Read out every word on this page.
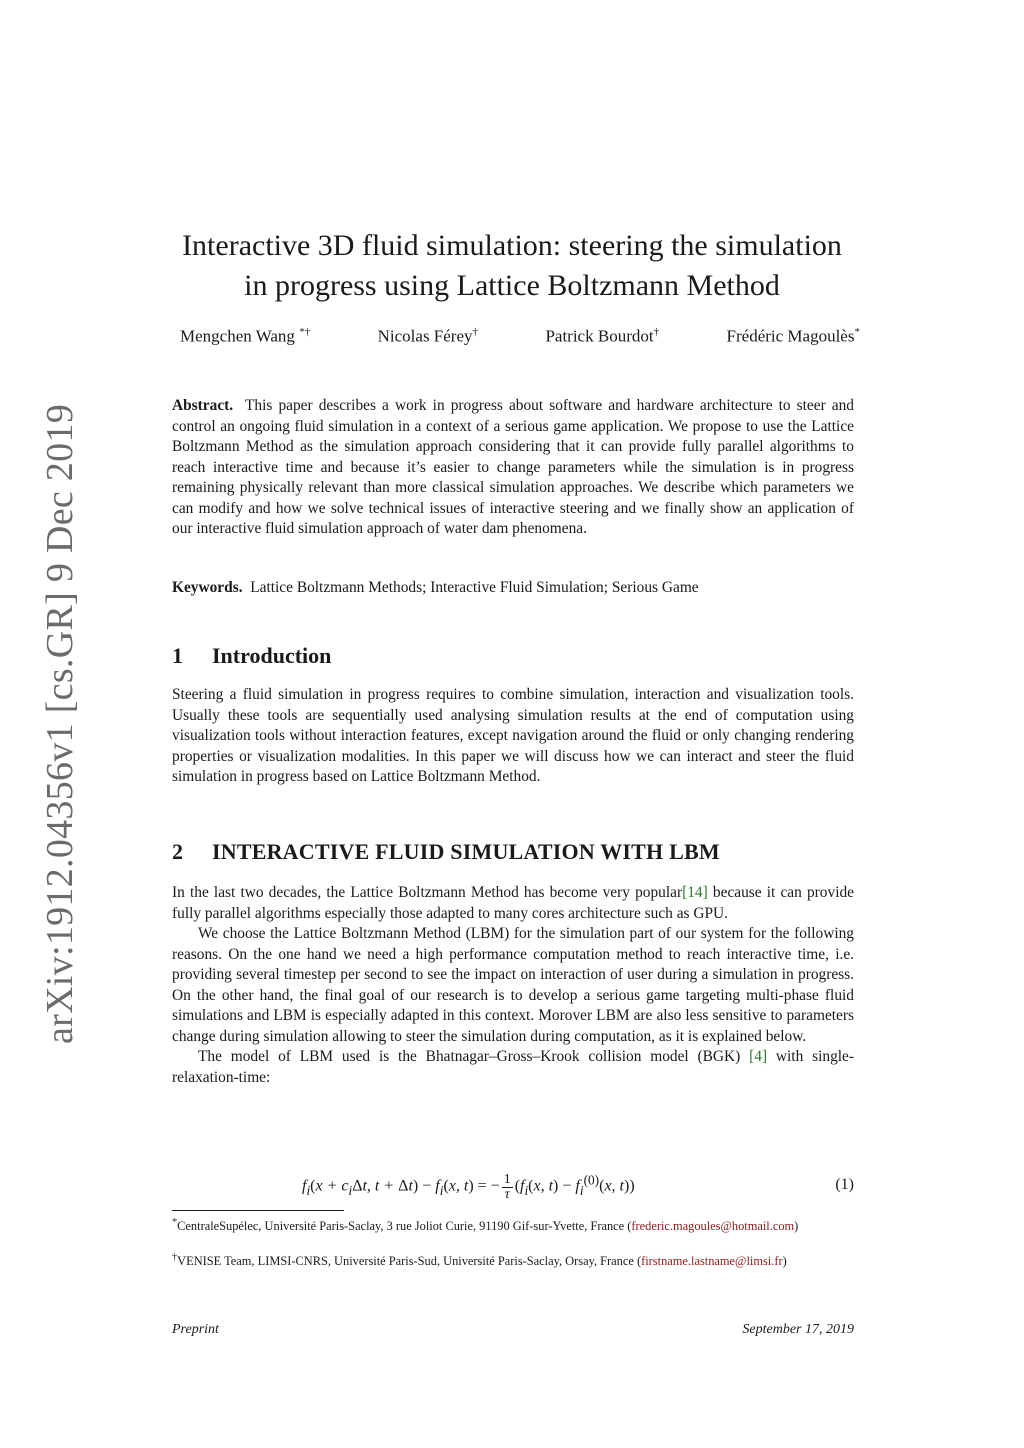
arXiv:1912.04356v1 [cs.GR] 9 Dec 2019
Interactive 3D fluid simulation: steering the simulation
in progress using Lattice Boltzmann Method
Mengchen Wang *†	Nicolas Férey†	Patrick Bourdot†	Frédéric Magoulès*

Abstract. This paper describes a work in progress about software and hardware architecture to steer and control an ongoing fluid simulation in a context of a serious game application. We propose to use the Lattice Boltzmann Method as the simulation approach considering that it can provide fully parallel algorithms to reach interactive time and because it’s easier to change parameters while the simulation is in progress remaining physically relevant than more classical simulation approaches. We describe which parameters we can modify and how we solve technical issues of interactive steering and we finally show an application of our interactive fluid simulation approach of water dam phenomena.

Keywords. Lattice Boltzmann Methods; Interactive Fluid Simulation; Serious Game

1 Introduction

Steering a fluid simulation in progress requires to combine simulation, interaction and visualization tools. Usually these tools are sequentially used analysing simulation results at the end of computation using visualization tools without interaction features, except navigation around the fluid or only changing rendering properties or visualization modalities. In this paper we will discuss how we can interact and steer the fluid simulation in progress based on Lattice Boltzmann Method.

2 INTERACTIVE FLUID SIMULATION WITH LBM

In the last two decades, the Lattice Boltzmann Method has become very popular[14] because it can provide fully parallel algorithms especially those adapted to many cores architecture such as GPU.

We choose the Lattice Boltzmann Method (LBM) for the simulation part of our system for the following reasons. On the one hand we need a high performance computation method to reach interactive time, i.e. providing several timestep per second to see the impact on interaction of user during a simulation in progress. On the other hand, the final goal of our research is to develop a serious game targeting multi-phase fluid simulations and LBM is especially adapted in this context. Morover LBM are also less sensitive to parameters change during simulation allowing to steer the simulation during computation, as it is explained below.

The model of LBM used is the Bhatnagar–Gross–Krook collision model (BGK) [4] with single-relaxation-time:

$f_i(x + c_i\Delta t$, $t + \Delta t) - f_i(x$, t) = − $\frac{1}{\tau} (f_i(x$, $t) - f_i^{(0)}(x$, t))	(1)

*CentraleSupélec, Université Paris-Saclay, 3 rue Joliot Curie, 91190 Gif-sur-Yvette, France (frederic.magoules@hotmail.com)

†VENISE Team, LIMSI-CNRS, Université Paris-Sud, Université Paris-Saclay, Orsay, France (firstname.lastname@limsi.fr)

Preprint	September 17, 2019
